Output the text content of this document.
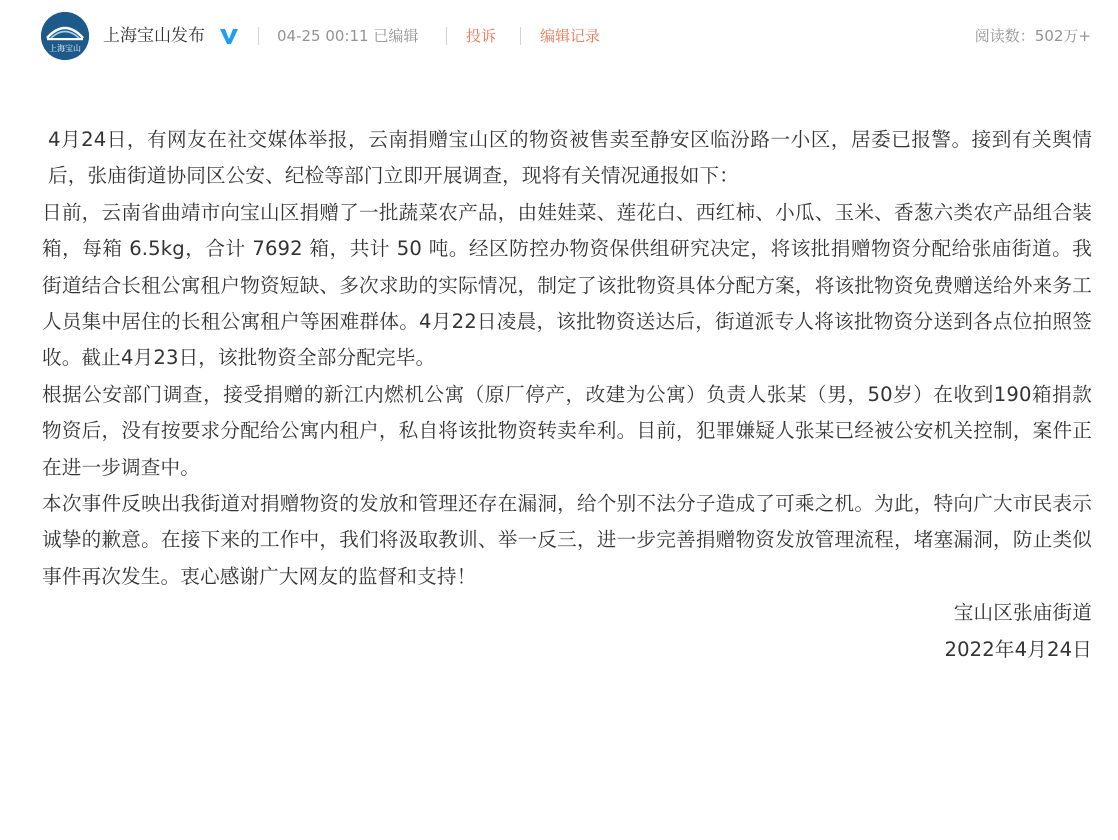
上海宝山
上海宝山发布	04-25 00:11 已编辑	投诉	编辑记录	阅读数：502万+

4月24日，有网友在社交媒体举报，云南捐赠宝山区的物资被售卖至静安区临汾路一小区，居委已报警。接到有关舆情后，张庙街道协同区公安、纪检等部门立即开展调查，现将有关情况通报如下：

日前，云南省曲靖市向宝山区捐赠了一批蔬菜农产品，由娃娃菜、莲花白、西红柿、小瓜、玉米、香葱六类农产品组合装箱，每箱 6.5kg，合计 7692 箱，共计 50 吨。经区防控办物资保供组研究决定，将该批捐赠物资分配给张庙街道。我街道结合长租公寓租户物资短缺、多次求助的实际情况，制定了该批物资具体分配方案，将该批物资免费赠送给外来务工人员集中居住的长租公寓租户等困难群体。4月22日凌晨，该批物资送达后，街道派专人将该批物资分送到各点位拍照签收。截止4月23日，该批物资全部分配完毕。

根据公安部门调查，接受捐赠的新江内燃机公寓（原厂停产，改建为公寓）负责人张某（男，50岁）在收到190箱捐款物资后，没有按要求分配给公寓内租户，私自将该批物资转卖牟利。目前，犯罪嫌疑人张某已经被公安机关控制，案件正在进一步调查中。

本次事件反映出我街道对捐赠物资的发放和管理还存在漏洞，给个别不法分子造成了可乘之机。为此，特向广大市民表示诚挚的歉意。在接下来的工作中，我们将汲取教训、举一反三，进一步完善捐赠物资发放管理流程，堵塞漏洞，防止类似事件再次发生。衷心感谢广大网友的监督和支持！

宝山区张庙街道

2022年4月24日
